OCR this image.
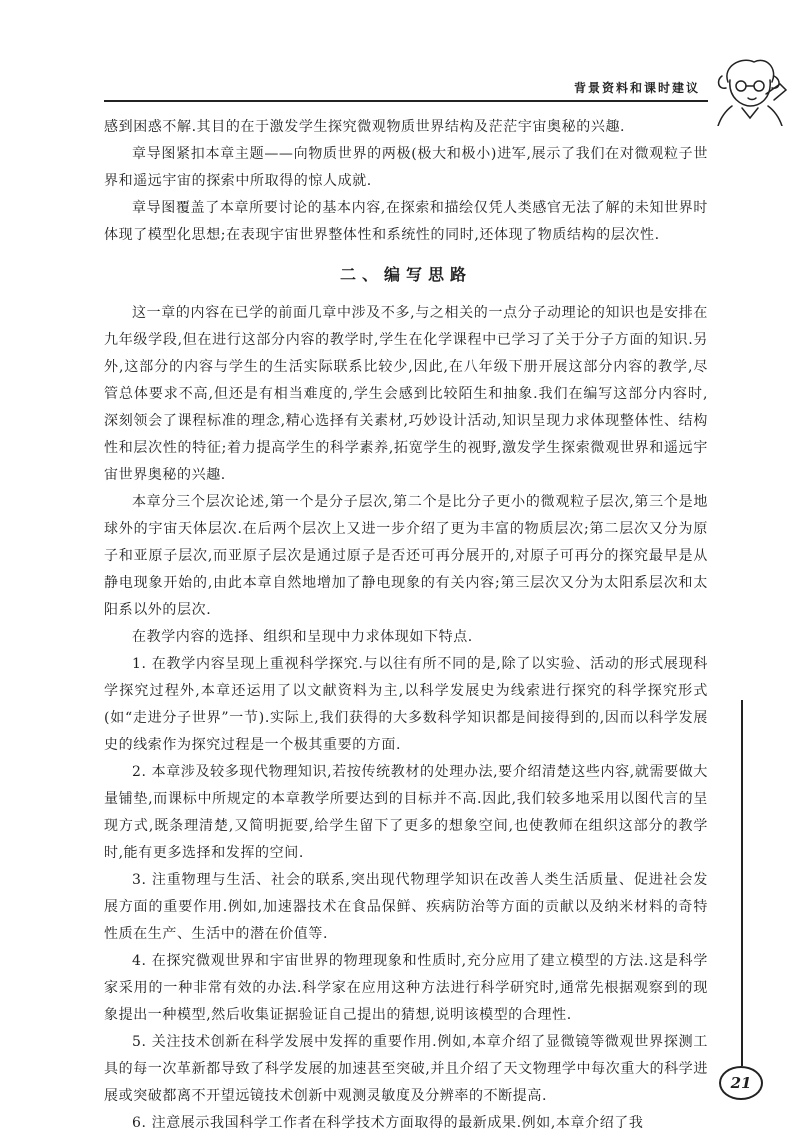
背景资料和课时建议

感到困惑不解.其目的在于激发学生探究微观物质世界结构及茫茫宇宙奥秘的兴趣.

章导图紧扣本章主题——向物质世界的两极(极大和极小)进军,展示了我们在对微观粒子世界和遥远宇宙的探索中所取得的惊人成就.

章导图覆盖了本章所要讨论的基本内容,在探索和描绘仅凭人类感官无法了解的未知世界时体现了模型化思想;在表现宇宙世界整体性和系统性的同时,还体现了物质结构的层次性.

二、编写思路

这一章的内容在已学的前面几章中涉及不多,与之相关的一点分子动理论的知识也是安排在九年级学段,但在进行这部分内容的教学时,学生在化学课程中已学习了关于分子方面的知识.另外,这部分的内容与学生的生活实际联系比较少,因此,在八年级下册开展这部分内容的教学,尽管总体要求不高,但还是有相当难度的,学生会感到比较陌生和抽象.我们在编写这部分内容时,深刻领会了课程标准的理念,精心选择有关素材,巧妙设计活动,知识呈现力求体现整体性、结构性和层次性的特征;着力提高学生的科学素养,拓宽学生的视野,激发学生探索微观世界和遥远宇宙世界奥秘的兴趣.

本章分三个层次论述,第一个是分子层次,第二个是比分子更小的微观粒子层次,第三个是地球外的宇宙天体层次.在后两个层次上又进一步介绍了更为丰富的物质层次;第二层次又分为原子和亚原子层次,而亚原子层次是通过原子是否还可再分展开的,对原子可再分的探究最早是从静电现象开始的,由此本章自然地增加了静电现象的有关内容;第三层次又分为太阳系层次和太阳系以外的层次.

在教学内容的选择、组织和呈现中力求体现如下特点.

1. 在教学内容呈现上重视科学探究.与以往有所不同的是,除了以实验、活动的形式展现科学探究过程外,本章还运用了以文献资料为主,以科学发展史为线索进行探究的科学探究形式(如“走进分子世界”一节).实际上,我们获得的大多数科学知识都是间接得到的,因而以科学发展史的线索作为探究过程是一个极其重要的方面.

2. 本章涉及较多现代物理知识,若按传统教材的处理办法,要介绍清楚这些内容,就需要做大量铺垫,而课标中所规定的本章教学所要达到的目标并不高.因此,我们较多地采用以图代言的呈现方式,既条理清楚,又简明扼要,给学生留下了更多的想象空间,也使教师在组织这部分的教学时,能有更多选择和发挥的空间.

3. 注重物理与生活、社会的联系,突出现代物理学知识在改善人类生活质量、促进社会发展方面的重要作用.例如,加速器技术在食品保鲜、疾病防治等方面的贡献以及纳米材料的奇特性质在生产、生活中的潜在价值等.

4. 在探究微观世界和宇宙世界的物理现象和性质时,充分应用了建立模型的方法.这是科学家采用的一种非常有效的办法.科学家在应用这种方法进行科学研究时,通常先根据观察到的现象提出一种模型,然后收集证据验证自己提出的猜想,说明该模型的合理性.

5. 关注技术创新在科学发展中发挥的重要作用.例如,本章介绍了显微镜等微观世界探测工具的每一次革新都导致了科学发展的加速甚至突破,并且介绍了天文物理学中每次重大的科学进展或突破都离不开望远镜技术创新中观测灵敏度及分辨率的不断提高.

6. 注意展示我国科学工作者在科学技术方面取得的最新成果.例如,本章介绍了我

21
